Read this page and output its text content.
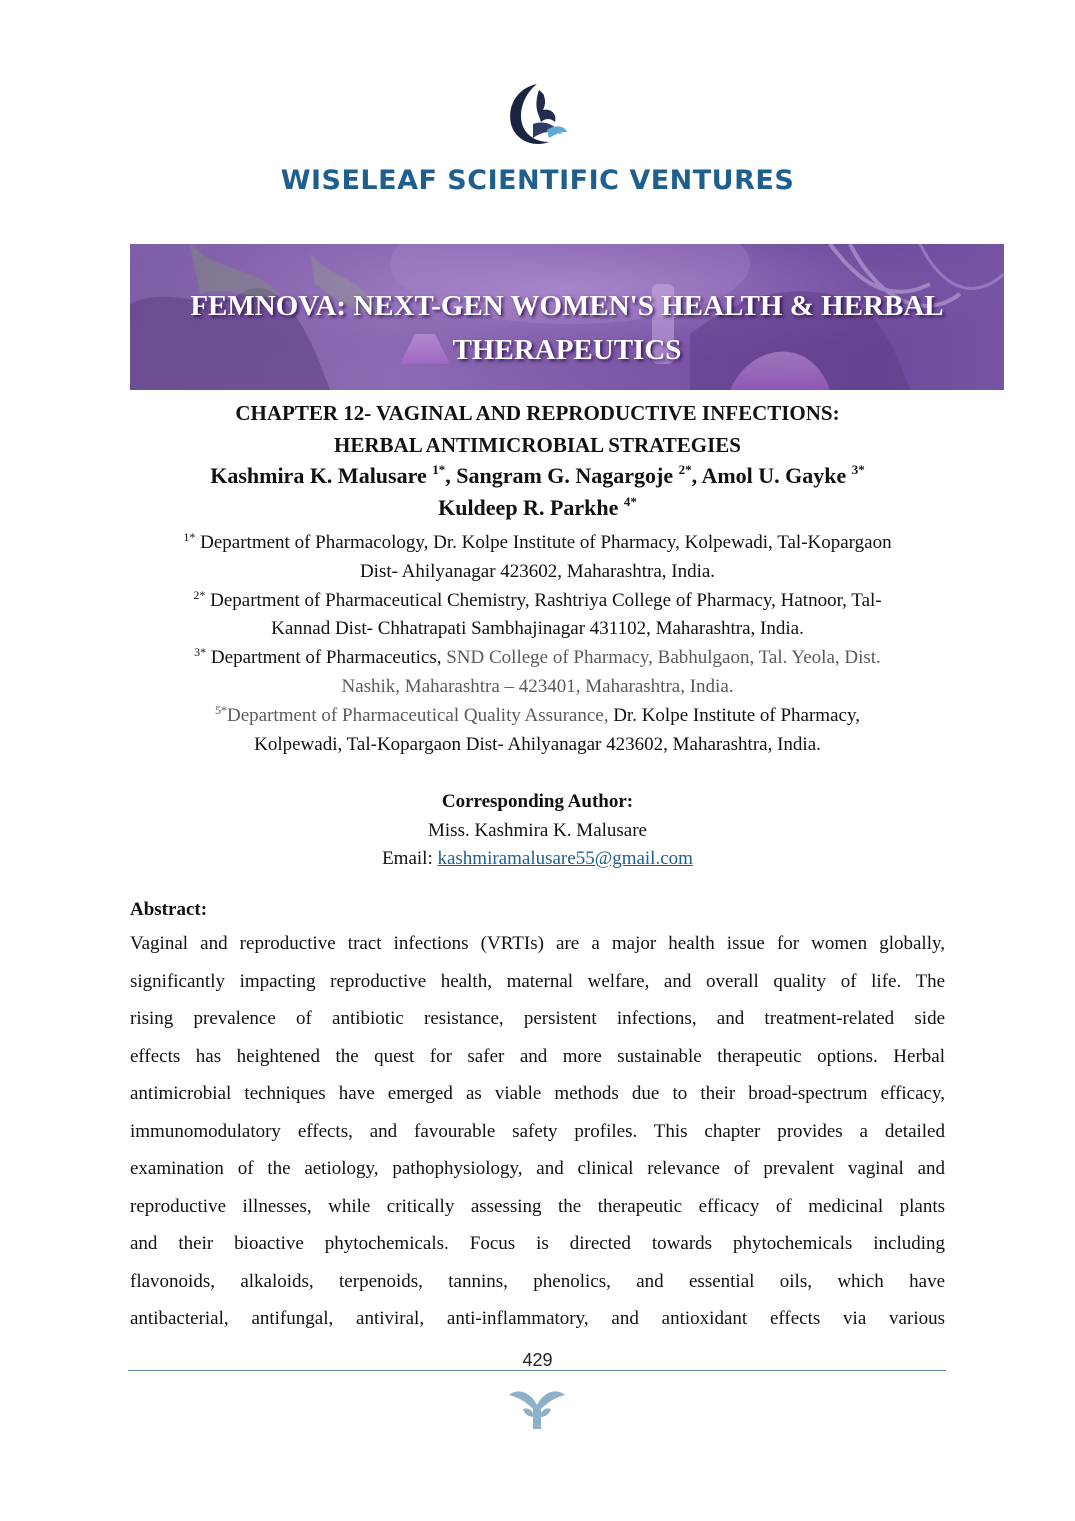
WISELEAF SCIENTIFIC VENTURES
FEMNOVA: NEXT-GEN WOMEN'S HEALTH & HERBAL
THERAPEUTICS
CHAPTER 12- VAGINAL AND REPRODUCTIVE INFECTIONS:
HERBAL ANTIMICROBIAL STRATEGIES
Kashmira K. Malusare $^{1*}$, Sangram G. Nagargoje $^{2*}$, Amol U. Gayke $^{3*}$
Kuldeep R. Parkhe $^{4*}$
$^{1*}$ Department of Pharmacology, Dr. Kolpe Institute of Pharmacy, Kolpewadi, Tal-Kopargaon
Dist- Ahilyanagar 423602, Maharashtra, India.
$^{2*}$ Department of Pharmaceutical Chemistry, Rashtriya College of Pharmacy, Hatnoor, Tal-
Kannad Dist- Chhatrapati Sambhajinagar 431102, Maharashtra, India.
$^{3*}$ Department of Pharmaceutics, SND College of Pharmacy, Babhulgaon, Tal. Yeola, Dist.
Nashik, Maharashtra – 423401, Maharashtra, India.
$^{5*}$Department of Pharmaceutical Quality Assurance, Dr. Kolpe Institute of Pharmacy,
Kolpewadi, Tal-Kopargaon Dist- Ahilyanagar 423602, Maharashtra, India.
Corresponding Author:
Miss. Kashmira K. Malusare
Email: kashmiramalusare55@gmail.com
Abstract:
Vaginal and reproductive tract infections (VRTIs) are a major health issue for women globally,
significantly impacting reproductive health, maternal welfare, and overall quality of life. The
rising prevalence of antibiotic resistance, persistent infections, and treatment-related side
effects has heightened the quest for safer and more sustainable therapeutic options. Herbal
antimicrobial techniques have emerged as viable methods due to their broad-spectrum efficacy,
immunomodulatory effects, and favourable safety profiles. This chapter provides a detailed
examination of the aetiology, pathophysiology, and clinical relevance of prevalent vaginal and
reproductive illnesses, while critically assessing the therapeutic efficacy of medicinal plants
and their bioactive phytochemicals. Focus is directed towards phytochemicals including
flavonoids, alkaloids, terpenoids, tannins, phenolics, and essential oils, which have
antibacterial, antifungal, antiviral, anti-inflammatory, and antioxidant effects via various
429
